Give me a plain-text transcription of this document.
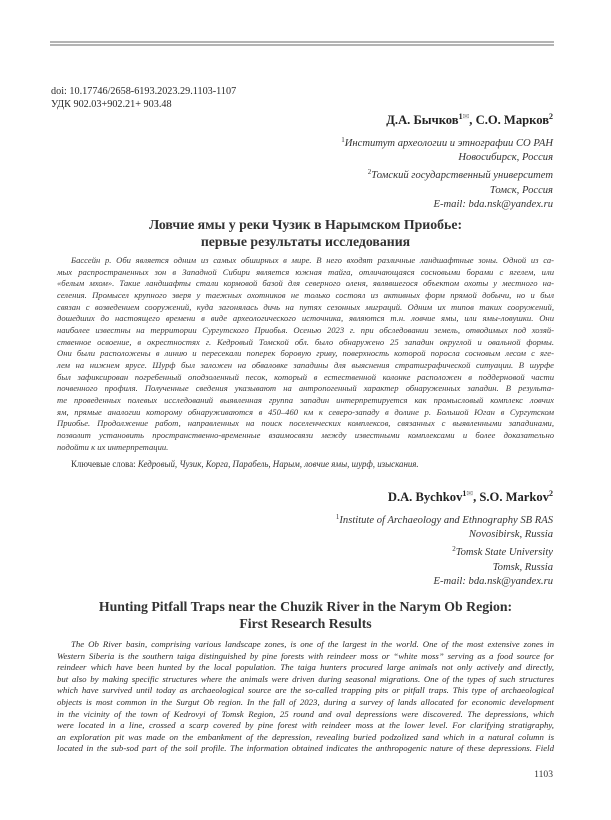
doi: 10.17746/2658-6193.2023.29.1103-1107
УДК 902.03+902.21+ 903.48
Д.А. Бычков$^{1✉}$, С.О. Марков$^2$
$^1$Институт археологии и этнографии СО РАН
Новосибирск, Россия
$^2$Томский государственный университет
Томск, Россия
E-mail: bda.nsk@yandex.ru
Ловчие ямы у реки Чузик в Нарымском Приобье:
первые результаты исследования
Бассейн р. Оби является одним из самых обширных в мире. В него входят различные ландшафтные зоны. Одной из са-
мых распространенных зон в Западной Сибири является южная тайга, отличающаяся сосновыми борами с ягелем, или
«белым мхом». Такие ландшафты стали кормовой базой для северного оленя, являвшегося объектом охоты у местного на-
селения. Промысел крупного зверя у таежных охотников не только состоял из активных форм прямой добычи, но и был
связан с возведением сооружений, куда загонялась дичь на путях сезонных миграций. Одним их типов таких сооружений,
дошедших до настоящего времени в виде археологического источника, являются т.н. ловчие ямы, или ямы-ловушки. Они
наиболее известны на территории Сургутского Приобья. Осенью 2023 г. при обследовании земель, отводимых под хозяй-
ственное освоение, в окрестностях г. Кедровый Томской обл. было обнаружено 25 западин округлой и овальной формы.
Они были расположены в линию и пересекали поперек боровую гриву, поверхность которой поросла сосновым лесом с яге-
лем на нижнем ярусе. Шурф был заложен на обваловке западины для выяснения стратиграфической ситуации. В шурфе
был зафиксирован погребенный оподзоленный песок, который в естественной колонке расположен в поддерновой части
почвенного профиля. Полученные сведения указывают на антропогенный характер обнаруженных западин. В результа-
те проведенных полевых исследований выявленная группа западин интерпретируется как промысловый комплекс ловчих
ям, прямые аналогии которому обнаруживаются в 450–460 км к северо-западу в долине р. Большой Юган в Сургутском
Приобье. Продолжение работ, направленных на поиск поселенческих комплексов, связанных с выявленными западинами,
позволит установить пространственно-временные взаимосвязи между известными комплексами и более доказательно
подойти к их интерпретации.
Ключевые слова: Кедровый, Чузик, Корга, Парабель, Нарым, ловчие ямы, шурф, изыскания.
D.A. Bychkov$^{1✉}$, S.O. Markov$^2$
$^1$Institute of Archaeology and Ethnography SB RAS
Novosibirsk, Russia
$^2$Tomsk State University
Tomsk, Russia
E-mail: bda.nsk@yandex.ru
Hunting Pitfall Traps near the Chuzik River in the Narym Ob Region:
First Research Results
The Ob River basin, comprising various landscape zones, is one of the largest in the world. One of the most extensive zones in
Western Siberia is the southern taiga distinguished by pine forests with reindeer moss or “white moss” serving as a food source for
reindeer which have been hunted by the local population. The taiga hunters procured large animals not only actively and directly,
but also by making specific structures where the animals were driven during seasonal migrations. One of the types of such structures
which have survived until today as archaeological source are the so-called trapping pits or pitfall traps. This type of archaeological
objects is most common in the Surgut Ob region. In the fall of 2023, during a survey of lands allocated for economic development
in the vicinity of the town of Kedrovyi of Tomsk Region, 25 round and oval depressions were discovered. The depressions, which
were located in a line, crossed a scarp covered by pine forest with reindeer moss at the lower level. For clarifying stratigraphy,
an exploration pit was made on the embankment of the depression, revealing buried podzolized sand which in a natural column is
located in the sub-sod part of the soil profile. The information obtained indicates the anthropogenic nature of these depressions. Field
1103
